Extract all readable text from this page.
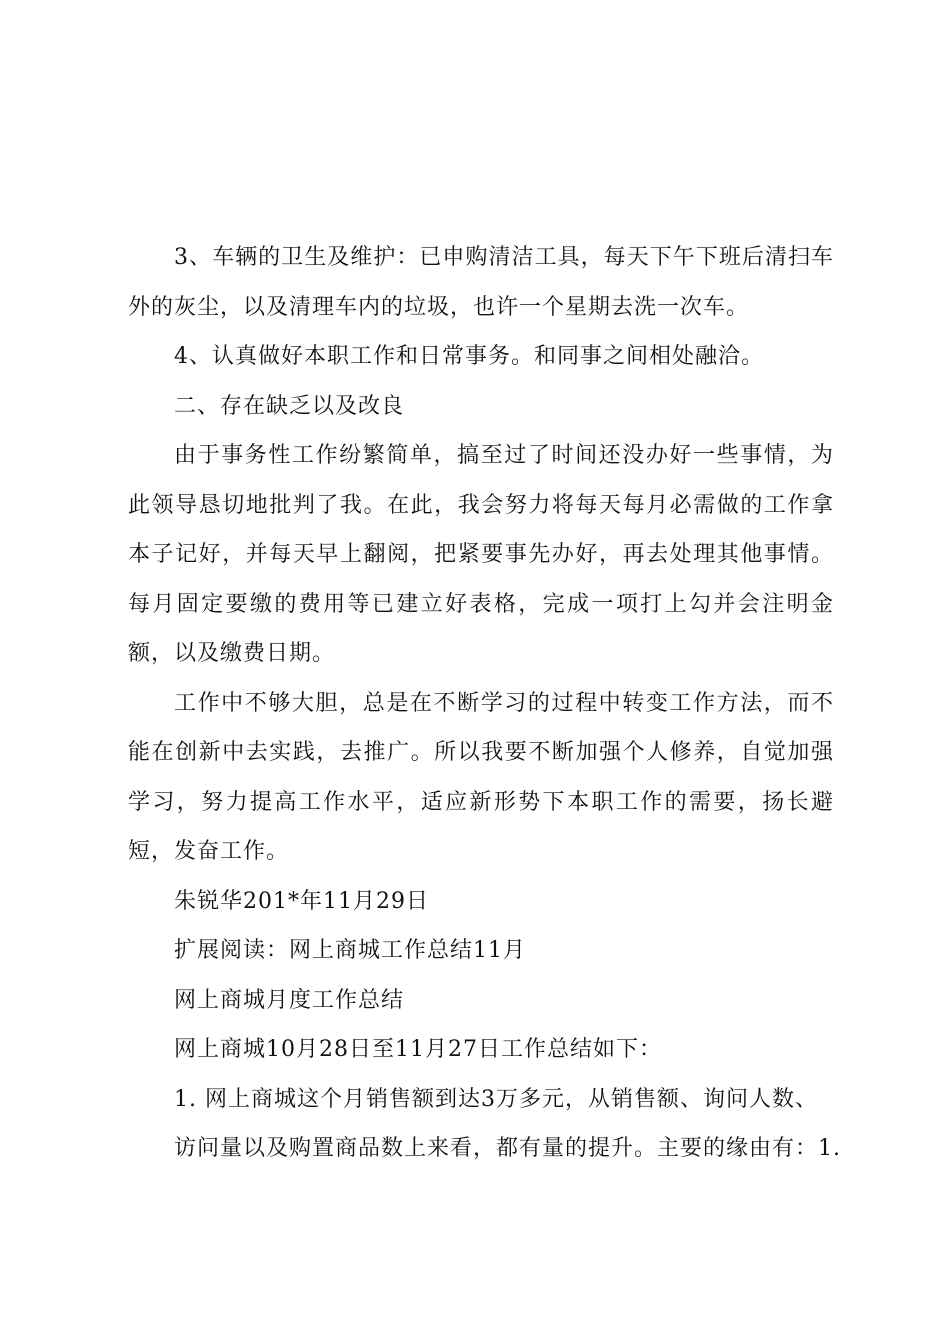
3、车辆的卫生及维护：已申购清洁工具，每天下午下班后清扫车外的灰尘，以及清理车内的垃圾，也许一个星期去洗一次车。

4、认真做好本职工作和日常事务。和同事之间相处融洽。

二、存在缺乏以及改良

由于事务性工作纷繁简单，搞至过了时间还没办好一些事情，为此领导恳切地批判了我。在此，我会努力将每天每月必需做的工作拿本子记好，并每天早上翻阅，把紧要事先办好，再去处理其他事情。每月固定要缴的费用等已建立好表格，完成一项打上勾并会注明金额，以及缴费日期。

工作中不够大胆，总是在不断学习的过程中转变工作方法，而不能在创新中去实践，去推广。所以我要不断加强个人修养，自觉加强学习，努力提高工作水平，适应新形势下本职工作的需要，扬长避短，发奋工作。

朱锐华201*年11月29日

扩展阅读：网上商城工作总结11月

网上商城月度工作总结

网上商城10月28日至11月27日工作总结如下：

1. 网上商城这个月销售额到达3万多元，从销售额、询问人数、

访问量以及购置商品数上来看，都有量的提升。主要的缘由有：1.
